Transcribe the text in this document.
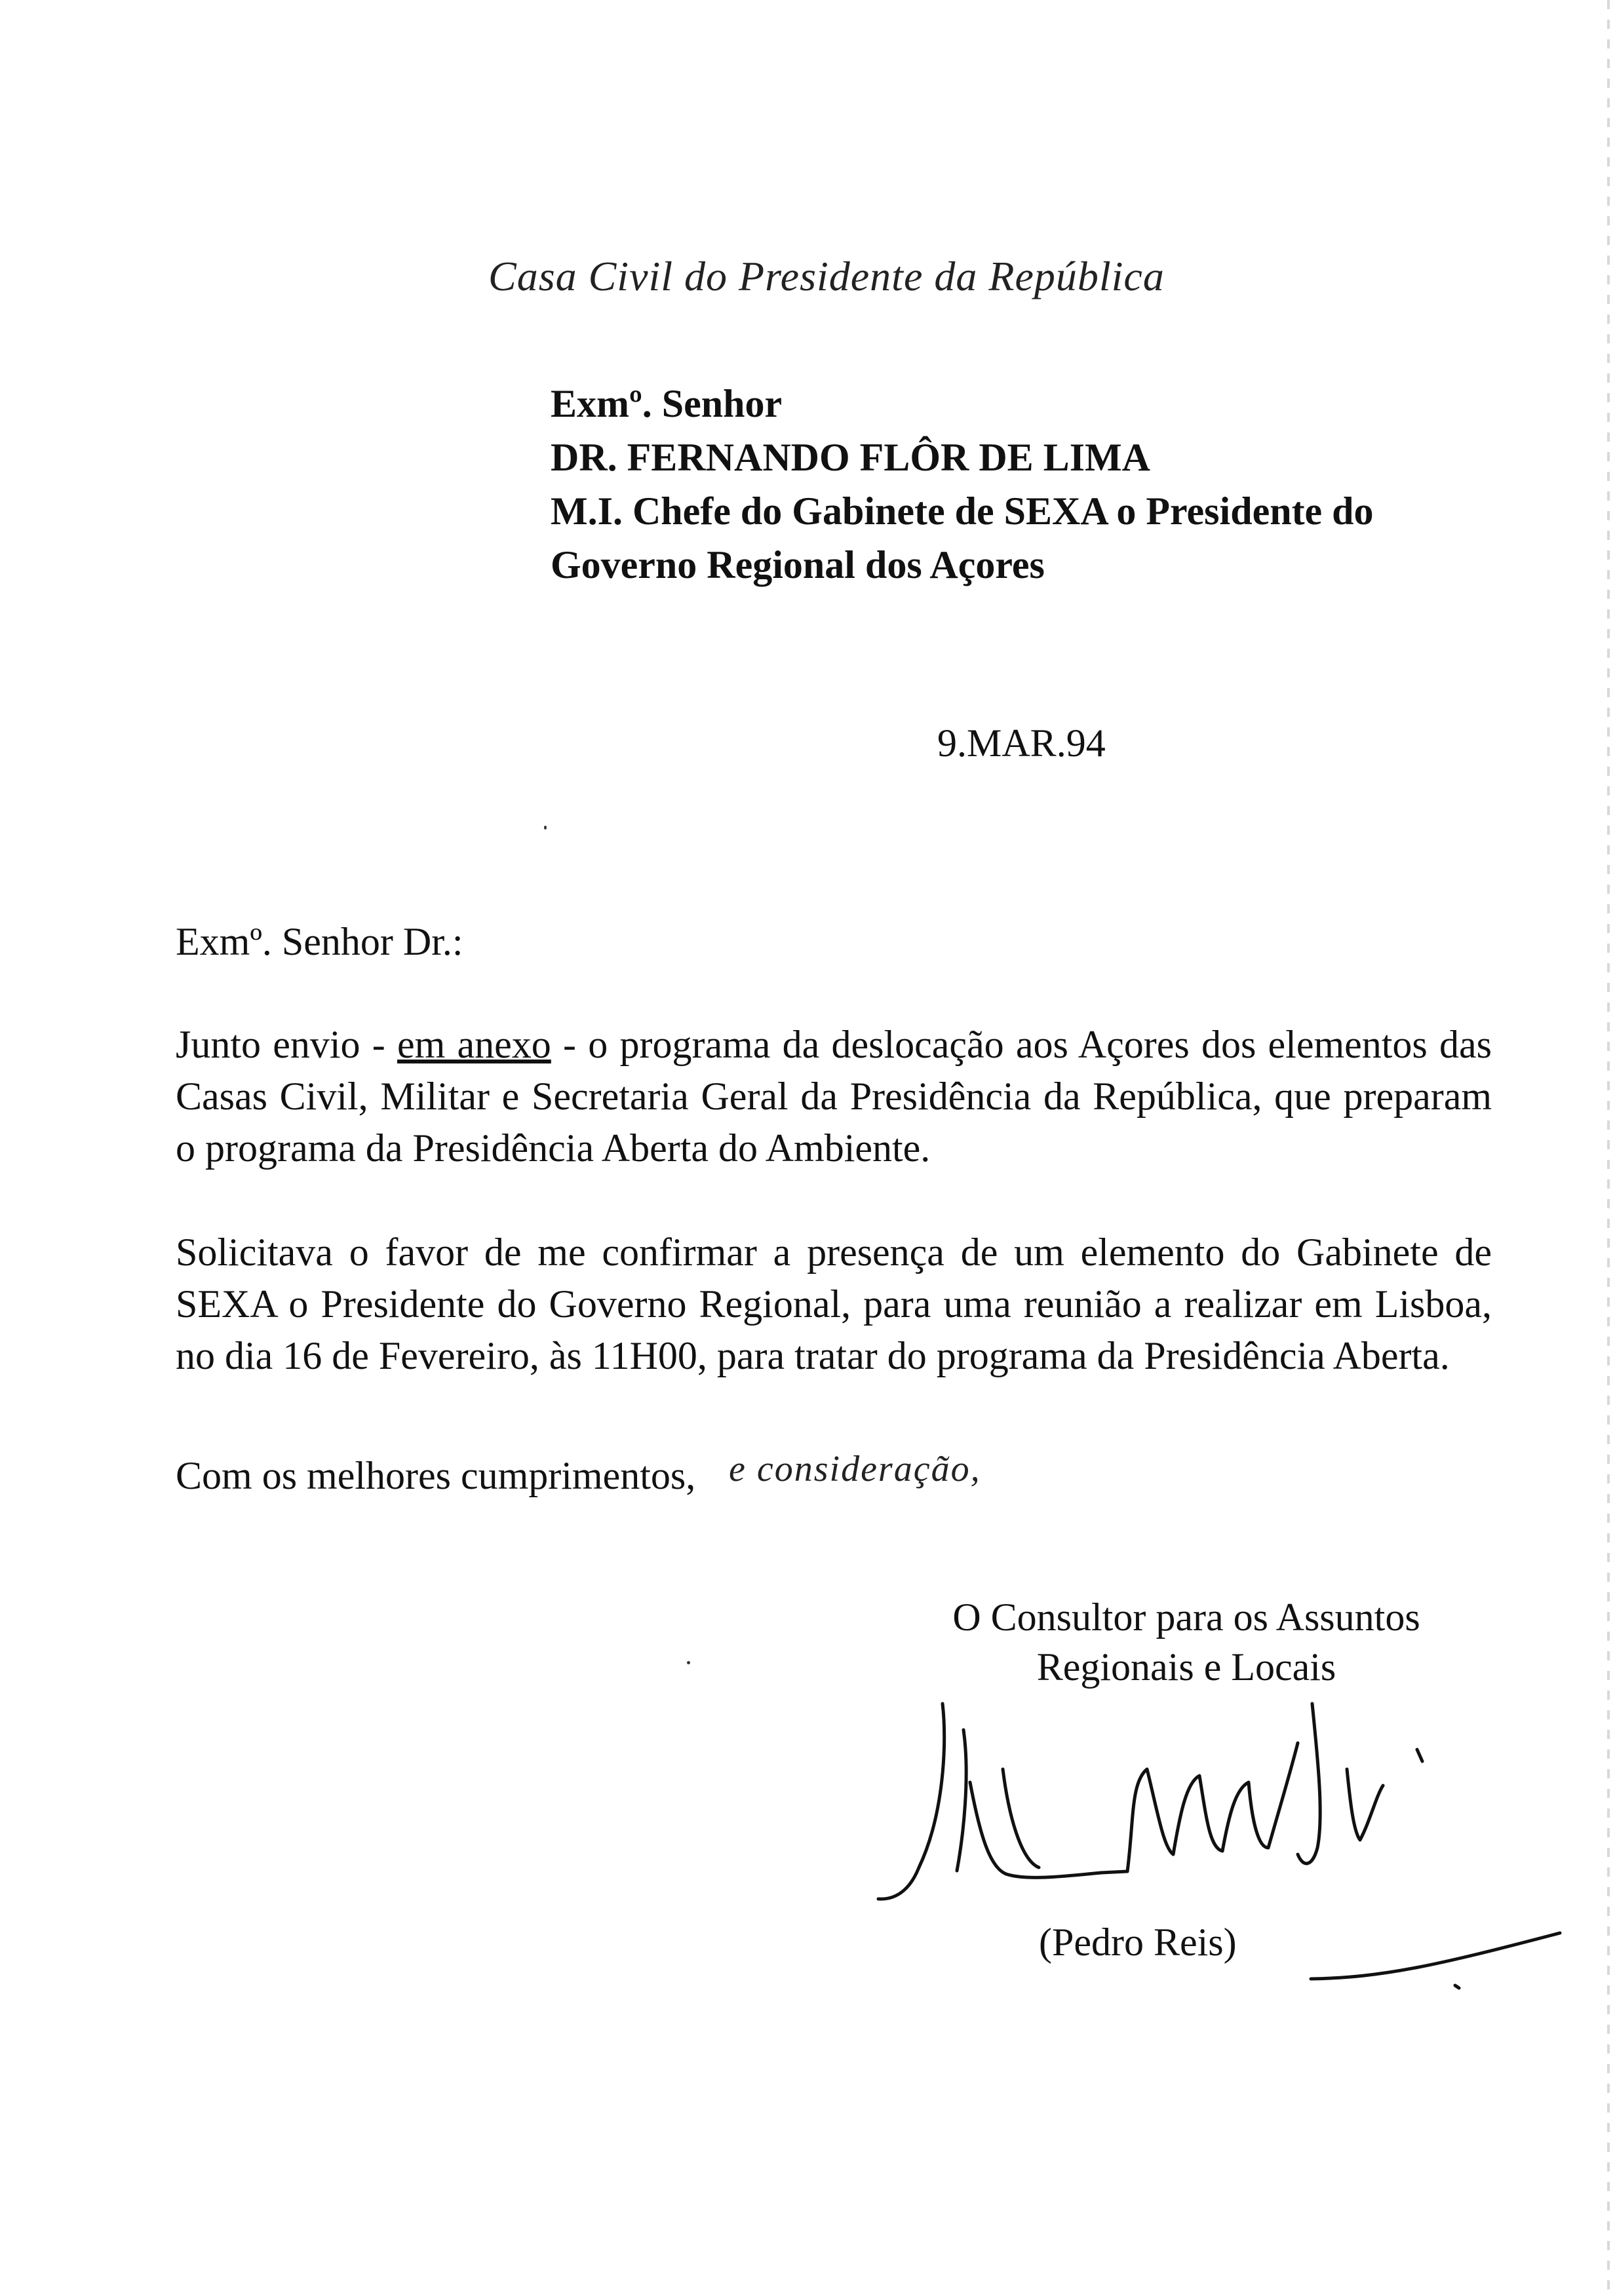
Casa Civil do Presidente da República
Exmº. Senhor
DR. FERNANDO FLÔR DE LIMA
M.I. Chefe do Gabinete de SEXA o Presidente do
Governo Regional dos Açores
9.MAR.94

Exmº. Senhor Dr.:

Junto envio - em anexo - o programa da deslocação aos Açores dos elementos das Casas Civil, Militar e Secretaria Geral da Presidência da República, que preparam o programa da Presidência Aberta do Ambiente.

Solicitava o favor de me confirmar a presença de um elemento do Gabinete de SEXA o Presidente do Governo Regional, para uma reunião a realizar em Lisboa, no dia 16 de Fevereiro, às 11H00, para tratar do programa da Presidência Aberta.

Com os melhores cumprimentos, e consideração,
O Consultor para os Assuntos
Regionais e Locais
(Pedro Reis)
